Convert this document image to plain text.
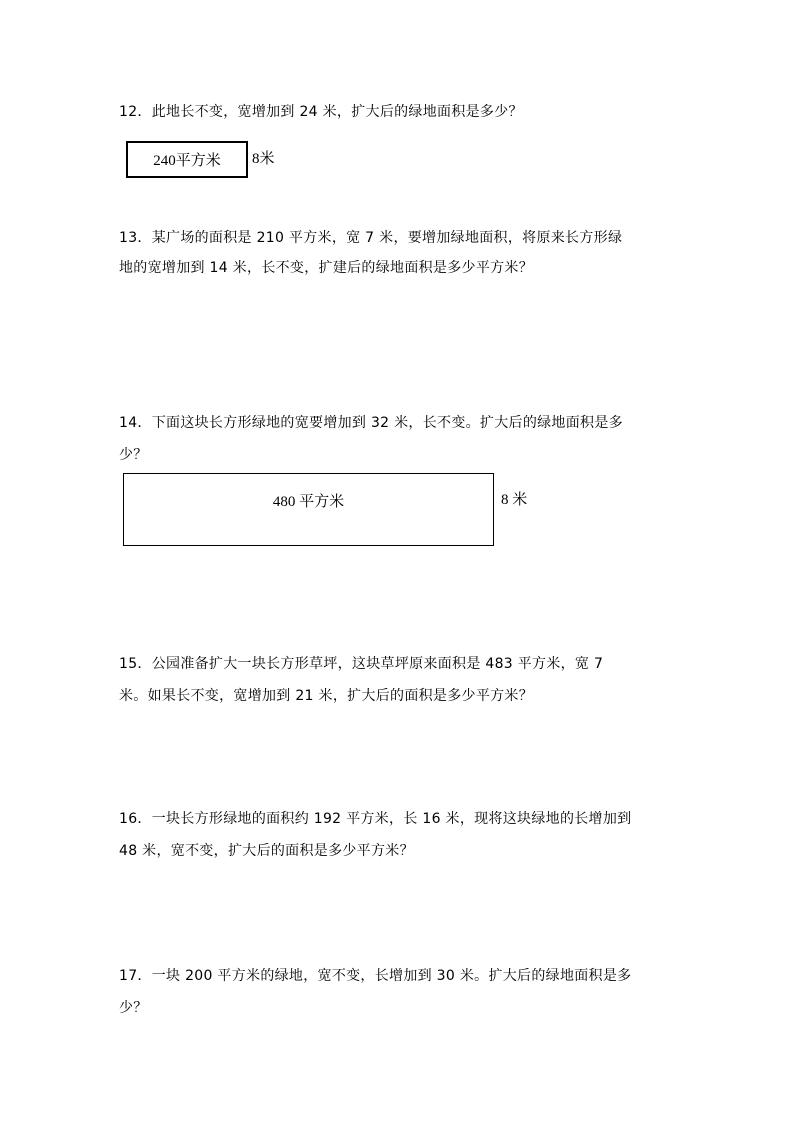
12．此地长不变，宽增加到 24 米，扩大后的绿地面积是多少？
240平方米 8米
13．某广场的面积是 210 平方米，宽 7 米，要增加绿地面积，将原来长方形绿
地的宽增加到 14 米，长不变，扩建后的绿地面积是多少平方米？
14．下面这块长方形绿地的宽要增加到 32 米，长不变。扩大后的绿地面积是多
少？
480 平方米	8 米
15．公园准备扩大一块长方形草坪，这块草坪原来面积是 483 平方米，宽 7
米。如果长不变，宽增加到 21 米，扩大后的面积是多少平方米？
16．一块长方形绿地的面积约 192 平方米，长 16 米，现将这块绿地的长增加到
48 米，宽不变，扩大后的面积是多少平方米？
17．一块 200 平方米的绿地，宽不变，长增加到 30 米。扩大后的绿地面积是多
少？
